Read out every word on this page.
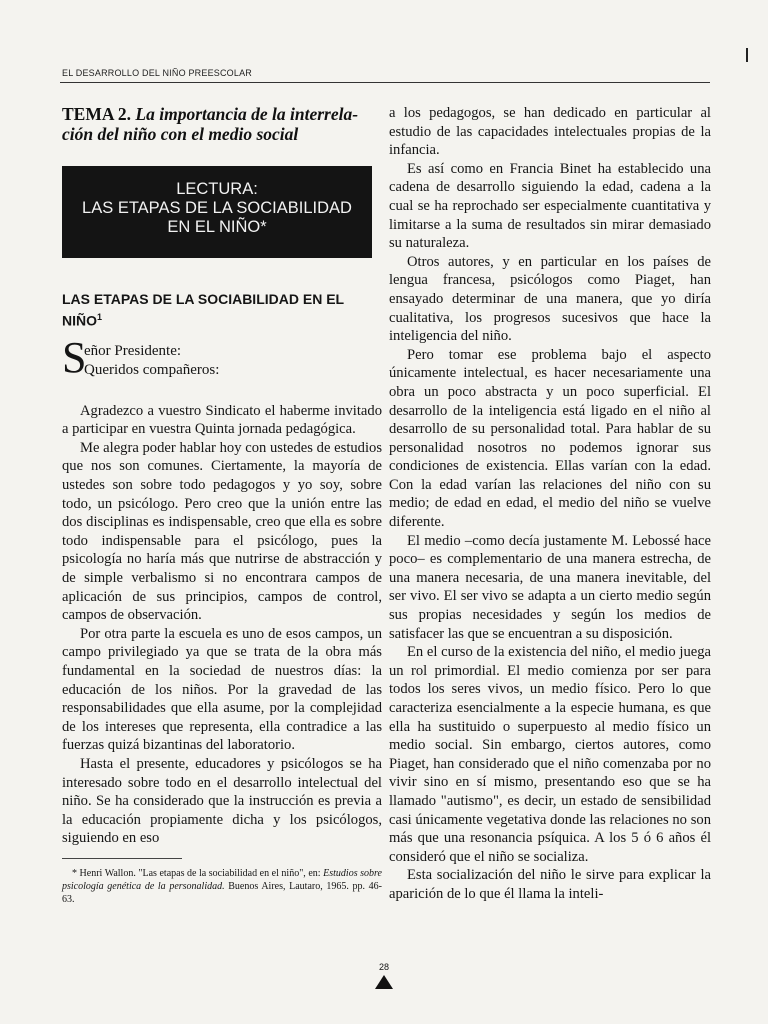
EL DESARROLLO DEL NIÑO PREESCOLAR
TEMA 2. La importancia de la interrela-
ción del niño con el medio social
LECTURA:
LAS ETAPAS DE LA SOCIABILIDAD
EN EL NIÑO*
LAS ETAPAS DE LA SOCIABILIDAD EN EL NIÑO$^1$
S
eñor Presidente:
Queridos compañeros:

Agradezco a vuestro Sindicato el haberme invitado a participar en vuestra Quinta jornada pedagógica.

Me alegra poder hablar hoy con ustedes de estudios que nos son comunes. Ciertamente, la mayoría de ustedes son sobre todo pedagogos y yo soy, sobre todo, un psicólogo. Pero creo que la unión entre las dos disciplinas es indispensable, creo que ella es sobre todo indispensable para el psicólogo, pues la psicología no haría más que nutrirse de abstracción y de simple verbalismo si no encontrara campos de aplicación de sus principios, campos de control, campos de observación.

Por otra parte la escuela es uno de esos campos, un campo privilegiado ya que se trata de la obra más fundamental en la sociedad de nuestros días: la educación de los niños. Por la gravedad de las responsabilidades que ella asume, por la complejidad de los intereses que representa, ella contradice a las fuerzas quizá bizantinas del laboratorio.

Hasta el presente, educadores y psicólogos se ha interesado sobre todo en el desarrollo intelectual del niño. Se ha considerado que la instrucción es previa a la educación propiamente dicha y los psicólogos, siguiendo en eso

* Henri Wallon. "Las etapas de la sociabilidad en el niño", en: Estudios sobre psicología genética de la personalidad. Buenos Aires, Lautaro, 1965. pp. 46-63.

a los pedagogos, se han dedicado en particular al estudio de las capacidades intelectuales propias de la infancia.

Es así como en Francia Binet ha establecido una cadena de desarrollo siguiendo la edad, cadena a la cual se ha reprochado ser especialmente cuantitativa y limitarse a la suma de resultados sin mirar demasiado su naturaleza.

Otros autores, y en particular en los países de lengua francesa, psicólogos como Piaget, han ensayado determinar de una manera, que yo diría cualitativa, los progresos sucesivos que hace la inteligencia del niño.

Pero tomar ese problema bajo el aspecto únicamente intelectual, es hacer necesariamente una obra un poco abstracta y un poco superficial. El desarrollo de la inteligencia está ligado en el niño al desarrollo de su personalidad total. Para hablar de su personalidad nosotros no podemos ignorar sus condiciones de existencia. Ellas varían con la edad. Con la edad varían las relaciones del niño con su medio; de edad en edad, el medio del niño se vuelve diferente.

El medio –como decía justamente M. Lebossé hace poco– es complementario de una manera estrecha, de una manera necesaria, de una manera inevitable, del ser vivo. El ser vivo se adapta a un cierto medio según sus propias necesidades y según los medios de satisfacer las que se encuentran a su disposición.

En el curso de la existencia del niño, el medio juega un rol primordial. El medio comienza por ser para todos los seres vivos, un medio físico. Pero lo que caracteriza esencialmente a la especie humana, es que ella ha sustituido o superpuesto al medio físico un medio social. Sin embargo, ciertos autores, como Piaget, han considerado que el niño comenzaba por no vivir sino en sí mismo, presentando eso que se ha llamado "autismo", es decir, un estado de sensibilidad casi únicamente vegetativa donde las relaciones no son más que una resonancia psíquica. A los 5 ó 6 años él consideró que el niño se socializa.

Esta socialización del niño le sirve para explicar la aparición de lo que él llama la inteli-

28
